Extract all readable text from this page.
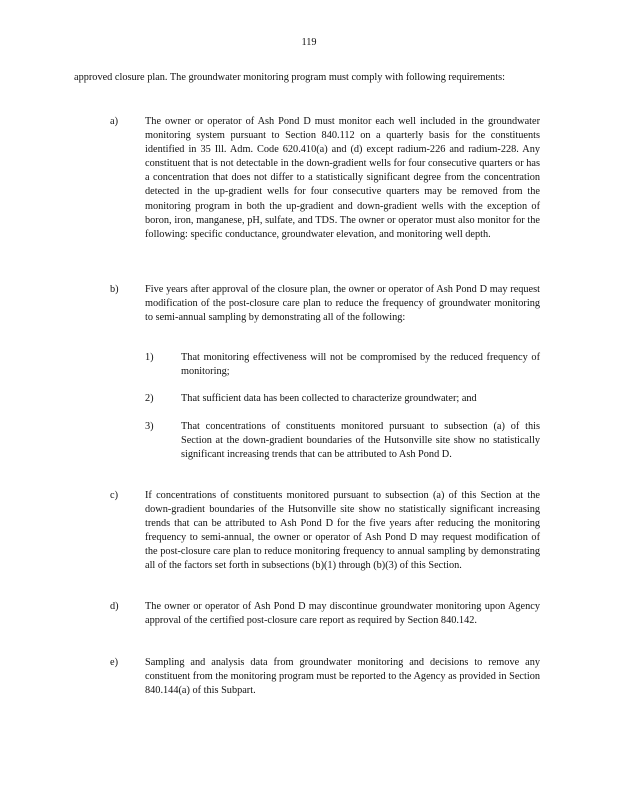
119
approved closure plan. The groundwater monitoring program must comply with following requirements:
a)	The owner or operator of Ash Pond D must monitor each well included in the groundwater monitoring system pursuant to Section 840.112 on a quarterly basis for the constituents identified in 35 Ill. Adm. Code 620.410(a) and (d) except radium-226 and radium-228. Any constituent that is not detectable in the down-gradient wells for four consecutive quarters or has a concentration that does not differ to a statistically significant degree from the concentration detected in the up-gradient wells for four consecutive quarters may be removed from the monitoring program in both the up-gradient and down-gradient wells with the exception of boron, iron, manganese, pH, sulfate, and TDS. The owner or operator must also monitor for the following: specific conductance, groundwater elevation, and monitoring well depth.
b)	Five years after approval of the closure plan, the owner or operator of Ash Pond D may request modification of the post-closure care plan to reduce the frequency of groundwater monitoring to semi-annual sampling by demonstrating all of the following:
1)	That monitoring effectiveness will not be compromised by the reduced frequency of monitoring;
2)	That sufficient data has been collected to characterize groundwater; and
3)	That concentrations of constituents monitored pursuant to subsection (a) of this Section at the down-gradient boundaries of the Hutsonville site show no statistically significant increasing trends that can be attributed to Ash Pond D.
c)	If concentrations of constituents monitored pursuant to subsection (a) of this Section at the down-gradient boundaries of the Hutsonville site show no statistically significant increasing trends that can be attributed to Ash Pond D for the five years after reducing the monitoring frequency to semi-annual, the owner or operator of Ash Pond D may request modification of the post-closure care plan to reduce monitoring frequency to annual sampling by demonstrating all of the factors set forth in subsections (b)(1) through (b)(3) of this Section.
d)	The owner or operator of Ash Pond D may discontinue groundwater monitoring upon Agency approval of the certified post-closure care report as required by Section 840.142.
e)	Sampling and analysis data from groundwater monitoring and decisions to remove any constituent from the monitoring program must be reported to the Agency as provided in Section 840.144(a) of this Subpart.
